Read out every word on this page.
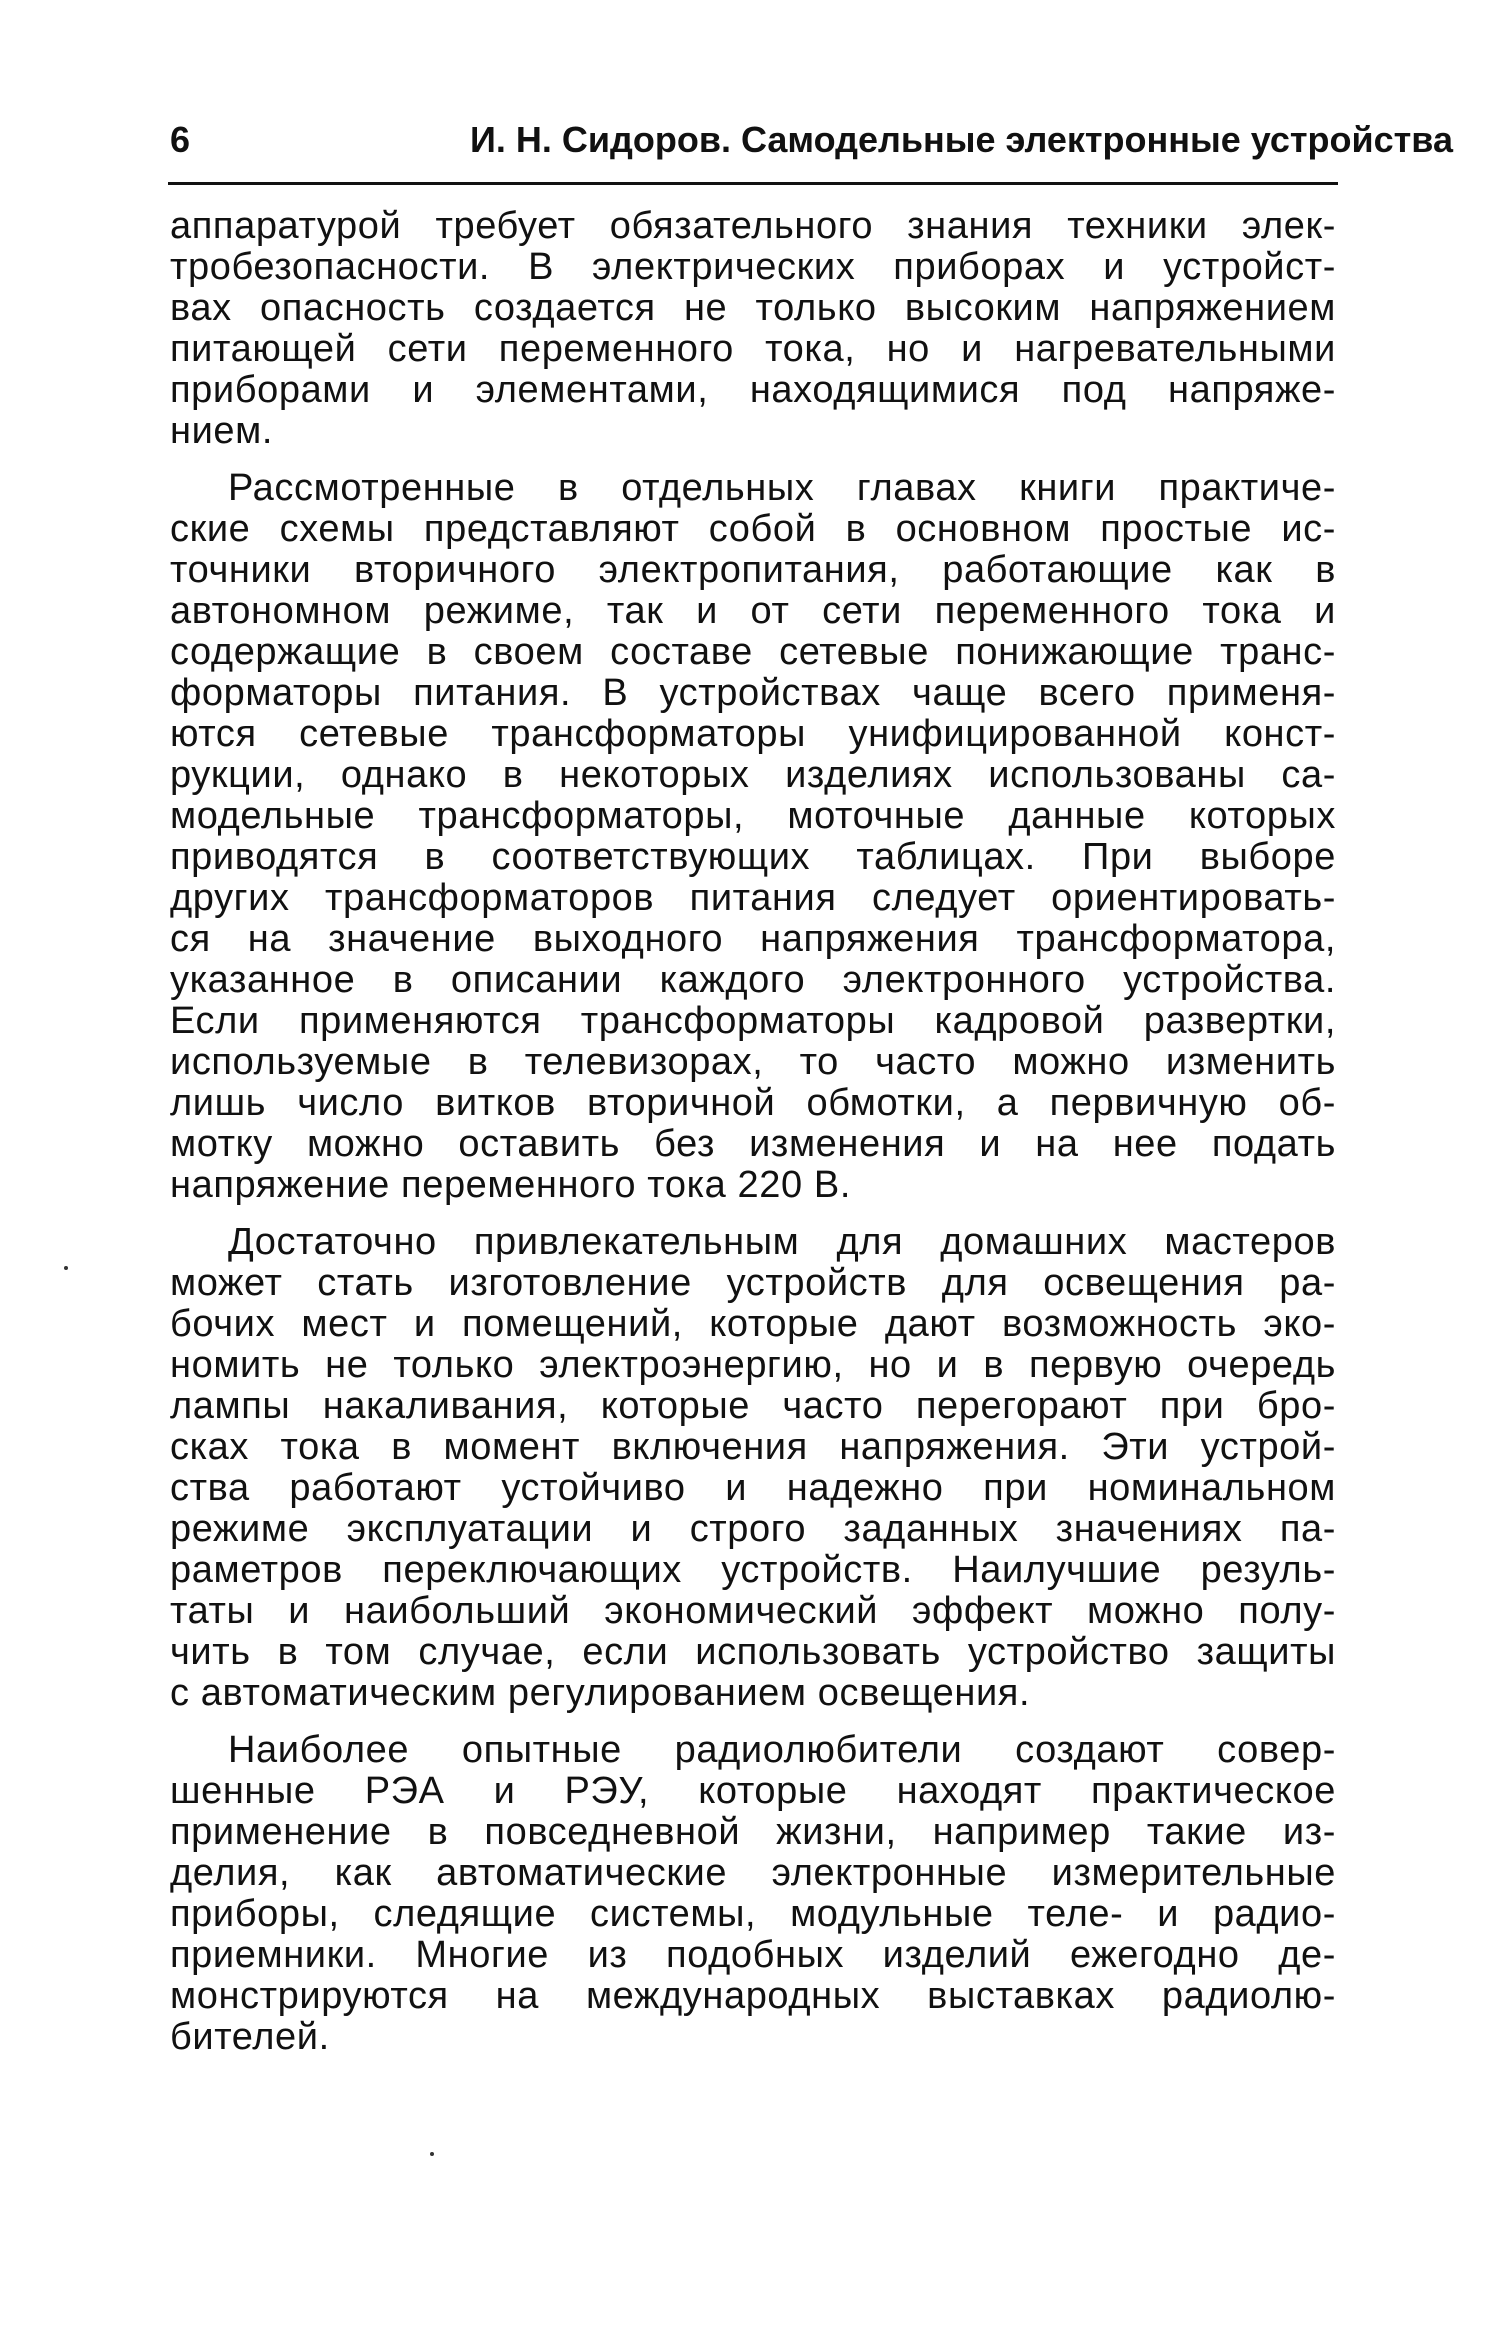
6	И. Н. Сидоров. Самодельные электронные устройства
аппаратурой требует обязательного знания техники элек-
тробезопасности. В электрических приборах и устройст-
вах опасность создается не только высоким напряжением
питающей сети переменного тока, но и нагревательными
приборами и элементами, находящимися под напряже-
нием.
Рассмотренные в отдельных главах книги практиче-
ские схемы представляют собой в основном простые ис-
точники вторичного электропитания, работающие как в
автономном режиме, так и от сети переменного тока и
содержащие в своем составе сетевые понижающие транс-
форматоры питания. В устройствах чаще всего применя-
ются сетевые трансформаторы унифицированной конст-
рукции, однако в некоторых изделиях использованы са-
модельные трансформаторы, моточные данные которых
приводятся в соответствующих таблицах. При выборе
других трансформаторов питания следует ориентировать-
ся на значение выходного напряжения трансформатора,
указанное в описании каждого электронного устройства.
Если применяются трансформаторы кадровой развертки,
используемые в телевизорах, то часто можно изменить
лишь число витков вторичной обмотки, а первичную об-
мотку можно оставить без изменения и на нее подать
напряжение переменного тока 220 В.
Достаточно привлекательным для домашних мастеров
может стать изготовление устройств для освещения ра-
бочих мест и помещений, которые дают возможность эко-
номить не только электроэнергию, но и в первую очередь
лампы накаливания, которые часто перегорают при бро-
сках тока в момент включения напряжения. Эти устрой-
ства работают устойчиво и надежно при номинальном
режиме эксплуатации и строго заданных значениях па-
раметров переключающих устройств. Наилучшие резуль-
таты и наибольший экономический эффект можно полу-
чить в том случае, если использовать устройство защиты
с автоматическим регулированием освещения.
Наиболее опытные радиолюбители создают совер-
шенные РЭА и РЭУ, которые находят практическое
применение в повседневной жизни, например такие из-
делия, как автоматические электронные измерительные
приборы, следящие системы, модульные теле- и радио-
приемники. Многие из подобных изделий ежегодно де-
монстрируются на международных выставках радиолю-
бителей.
